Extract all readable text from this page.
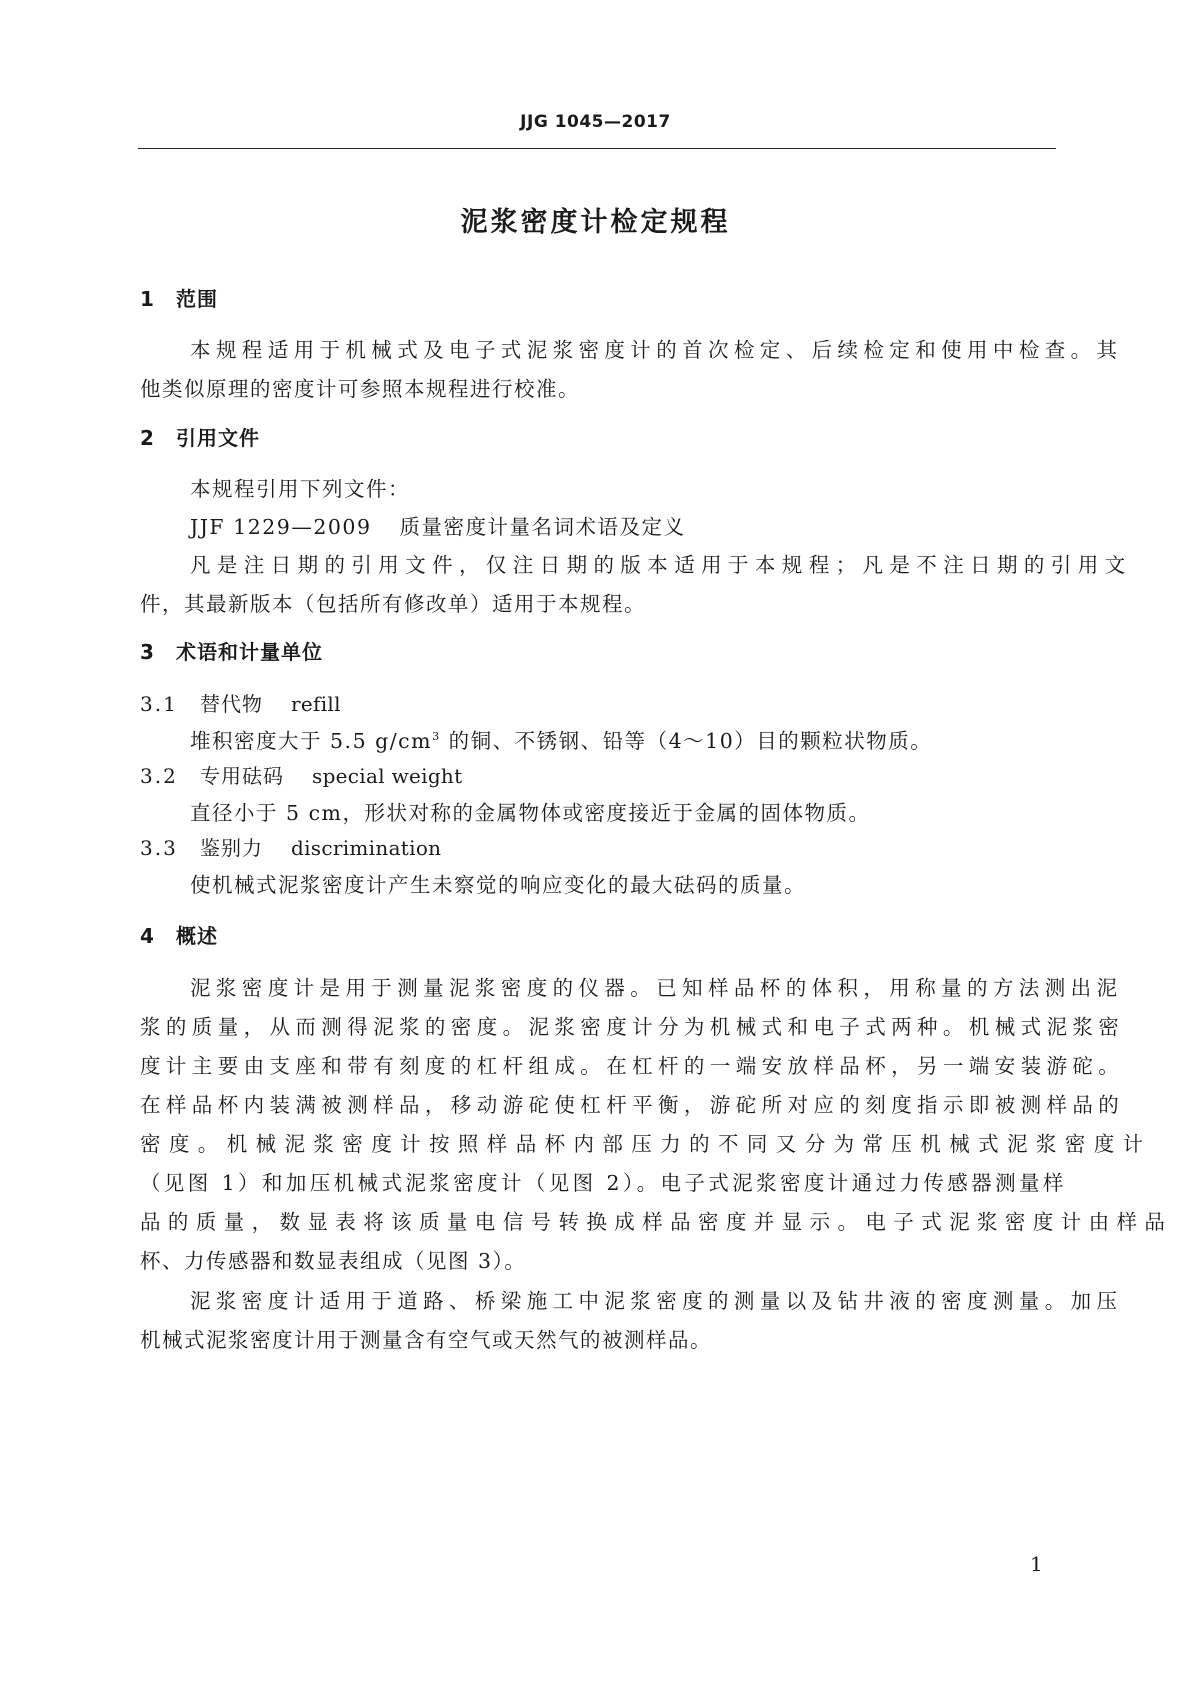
JJG 1045—2017
泥浆密度计检定规程
1 范围
本规程适用于机械式及电子式泥浆密度计的首次检定、后续检定和使用中检查。其
他类似原理的密度计可参照本规程进行校准。
2 引用文件
本规程引用下列文件：
JJF 1229—2009 质量密度计量名词术语及定义
凡是注日期的引用文件，仅注日期的版本适用于本规程；凡是不注日期的引用文
件，其最新版本（包括所有修改单）适用于本规程。
3 术语和计量单位
3.1 替代物 refill
堆积密度大于 5.5 $g/cm^3$ 的铜、不锈钢、铅等（4～10）目的颗粒状物质。
3.2 专用砝码 special weight
直径小于 5 cm，形状对称的金属物体或密度接近于金属的固体物质。
3.3 鉴别力 discrimination
使机械式泥浆密度计产生未察觉的响应变化的最大砝码的质量。
4 概述
泥浆密度计是用于测量泥浆密度的仪器。已知样品杯的体积，用称量的方法测出泥
浆的质量，从而测得泥浆的密度。泥浆密度计分为机械式和电子式两种。机械式泥浆密
度计主要由支座和带有刻度的杠杆组成。在杠杆的一端安放样品杯，另一端安装游砣。
在样品杯内装满被测样品，移动游砣使杠杆平衡，游砣所对应的刻度指示即被测样品的
密度。机械泥浆密度计按照样品杯内部压力的不同又分为常压机械式泥浆密度计
（见图 1）和加压机械式泥浆密度计（见图 2）。电子式泥浆密度计通过力传感器测量样
品的质量，数显表将该质量电信号转换成样品密度并显示。电子式泥浆密度计由样品
杯、力传感器和数显表组成（见图 3）。
泥浆密度计适用于道路、桥梁施工中泥浆密度的测量以及钻井液的密度测量。加压
机械式泥浆密度计用于测量含有空气或天然气的被测样品。
1
